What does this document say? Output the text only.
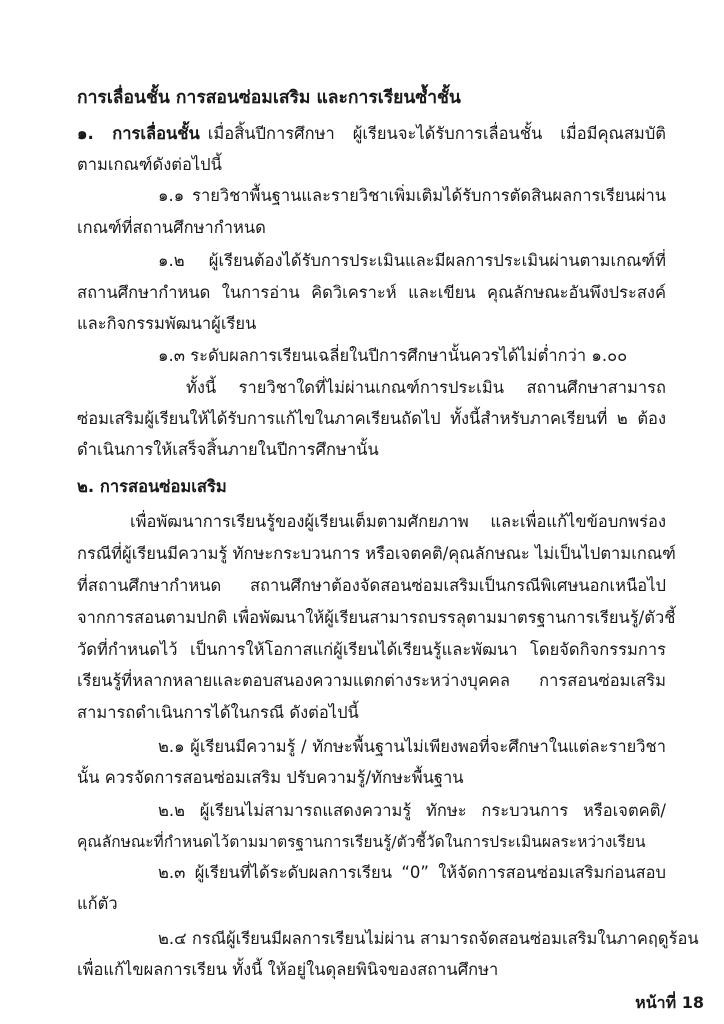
การเลื่อนชั้น การสอนซ่อมเสริม และการเรียนซ้ำชั้น
๑. การเลื่อนชั้น เมื่อสิ้นปีการศึกษา ผู้เรียนจะได้รับการเลื่อนชั้น เมื่อมีคุณสมบัติ
ตามเกณฑ์ดังต่อไปนี้
๑.๑ รายวิชาพื้นฐานและรายวิชาเพิ่มเติมได้รับการตัดสินผลการเรียนผ่าน
เกณฑ์ที่สถานศึกษากำหนด
๑.๒ ผู้เรียนต้องได้รับการประเมินและมีผลการประเมินผ่านตามเกณฑ์ที่
สถานศึกษากำหนด ในการอ่าน คิดวิเคราะห์ และเขียน คุณลักษณะอันพึงประสงค์
และกิจกรรมพัฒนาผู้เรียน
๑.๓ ระดับผลการเรียนเฉลี่ยในปีการศึกษานั้นควรได้ไม่ต่ำกว่า ๑.๐๐
ทั้งนี้ รายวิชาใดที่ไม่ผ่านเกณฑ์การประเมิน สถานศึกษาสามารถ
ซ่อมเสริมผู้เรียนให้ได้รับการแก้ไขในภาคเรียนถัดไป ทั้งนี้สำหรับภาคเรียนที่ ๒ ต้อง
ดำเนินการให้เสร็จสิ้นภายในปีการศึกษานั้น
๒. การสอนซ่อมเสริม
เพื่อพัฒนาการเรียนรู้ของผู้เรียนเต็มตามศักยภาพ และเพื่อแก้ไขข้อบกพร่อง
กรณีที่ผู้เรียนมีความรู้ ทักษะกระบวนการ หรือเจตคติ/คุณลักษณะ ไม่เป็นไปตามเกณฑ์
ที่สถานศึกษากำหนด สถานศึกษาต้องจัดสอนซ่อมเสริมเป็นกรณีพิเศษนอกเหนือไป
จากการสอนตามปกติ เพื่อพัฒนาให้ผู้เรียนสามารถบรรลุตามมาตรฐานการเรียนรู้/ตัวชี้
วัดที่กำหนดไว้ เป็นการให้โอกาสแก่ผู้เรียนได้เรียนรู้และพัฒนา โดยจัดกิจกรรมการ
เรียนรู้ที่หลากหลายและตอบสนองความแตกต่างระหว่างบุคคล การสอนซ่อมเสริม
สามารถดำเนินการได้ในกรณี ดังต่อไปนี้
๒.๑ ผู้เรียนมีความรู้ / ทักษะพื้นฐานไม่เพียงพอที่จะศึกษาในแต่ละรายวิชา
นั้น ควรจัดการสอนซ่อมเสริม ปรับความรู้/ทักษะพื้นฐาน
๒.๒ ผู้เรียนไม่สามารถแสดงความรู้ ทักษะ กระบวนการ หรือเจตคติ/
คุณลักษณะที่กำหนดไว้ตามมาตรฐานการเรียนรู้/ตัวชี้วัดในการประเมินผลระหว่างเรียน
๒.๓ ผู้เรียนที่ได้ระดับผลการเรียน “0” ให้จัดการสอนซ่อมเสริมก่อนสอบ
แก้ตัว
๒.๔ กรณีผู้เรียนมีผลการเรียนไม่ผ่าน สามารถจัดสอนซ่อมเสริมในภาคฤดูร้อน
เพื่อแก้ไขผลการเรียน ทั้งนี้ ให้อยู่ในดุลยพินิจของสถานศึกษา
หน้าที่ 18
